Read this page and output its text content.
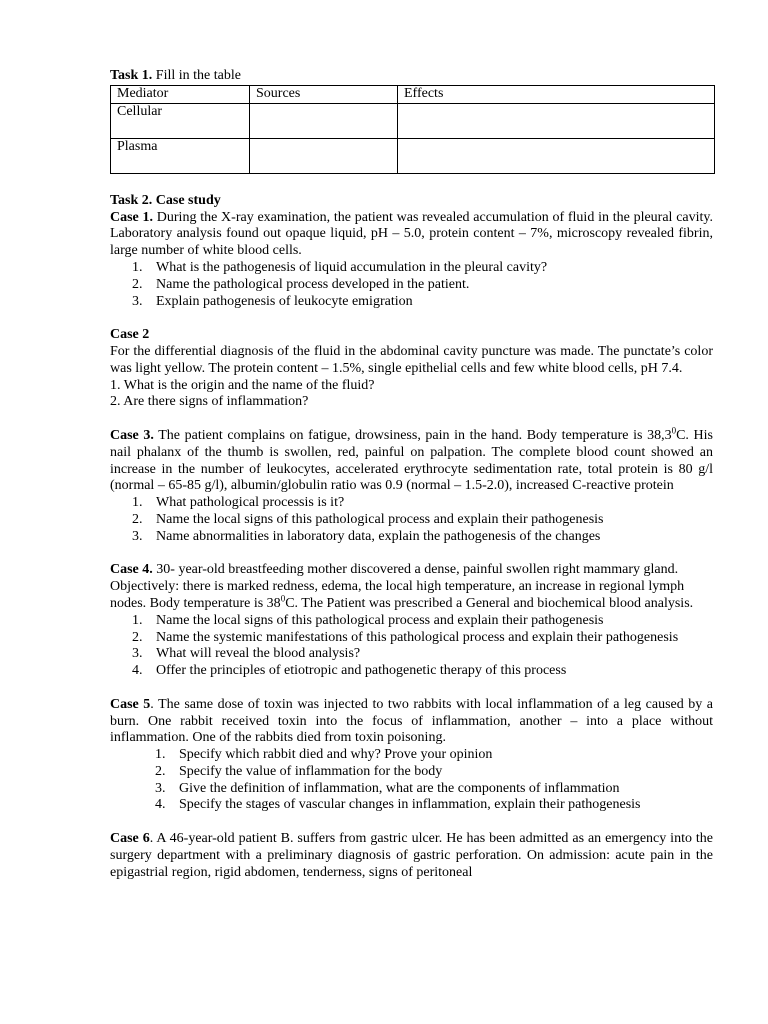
Task 1. Fill in the table

Mediator	Sources	Effects
Cellular		
Plasma		

Task 2. Case study

Case 1. During the X-ray examination, the patient was revealed accumulation of fluid in the pleural cavity. Laboratory analysis found out opaque liquid, pH – 5.0, protein content – 7%, microscopy revealed fibrin, large number of white blood cells.

1. What is the pathogenesis of liquid accumulation in the pleural cavity?
2. Name the pathological process developed in the patient.
3. Explain pathogenesis of leukocyte emigration

Case 2

For the differential diagnosis of the fluid in the abdominal cavity puncture was made. The punctate’s color was light yellow. The protein content – 1.5%, single epithelial cells and few white blood cells, pH 7.4.

1. What is the origin and the name of the fluid?

2. Are there signs of inflammation?

Case 3. The patient complains on fatigue, drowsiness, pain in the hand. Body temperature is 38,3$^0$C. His nail phalanx of the thumb is swollen, red, painful on palpation. The complete blood count showed an increase in the number of leukocytes, accelerated erythrocyte sedimentation rate, total protein is 80 g/l (normal – 65-85 g/l), albumin/globulin ratio was 0.9 (normal – 1.5-2.0), increased C-reactive protein

1. What pathological processis is it?
2. Name the local signs of this pathological process and explain their pathogenesis
3. Name abnormalities in laboratory data, explain the pathogenesis of the changes

Case 4. 30- year-old breastfeeding mother discovered a dense, painful swollen right mammary gland. Objectively: there is marked redness, edema, the local high temperature, an increase in regional lymph nodes. Body temperature is $38^0C$. The Patient was prescribed a General and biochemical blood analysis.

1. Name the local signs of this pathological process and explain their pathogenesis
2. Name the systemic manifestations of this pathological process and explain their pathogenesis
3. What will reveal the blood analysis?
4. Offer the principles of etiotropic and pathogenetic therapy of this process

Case 5. The same dose of toxin was injected to two rabbits with local inflammation of a leg caused by a burn. One rabbit received toxin into the focus of inflammation, another – into a place without inflammation. One of the rabbits died from toxin poisoning.

1. Specify which rabbit died and why? Prove your opinion
2. Specify the value of inflammation for the body
3. Give the definition of inflammation, what are the components of inflammation
4. Specify the stages of vascular changes in inflammation, explain their pathogenesis

Case 6. A 46-year-old patient B. suffers from gastric ulcer. He has been admitted as an emergency into the surgery department with a preliminary diagnosis of gastric perforation. On admission: acute pain in the epigastrial region, rigid abdomen, tenderness, signs of peritoneal
